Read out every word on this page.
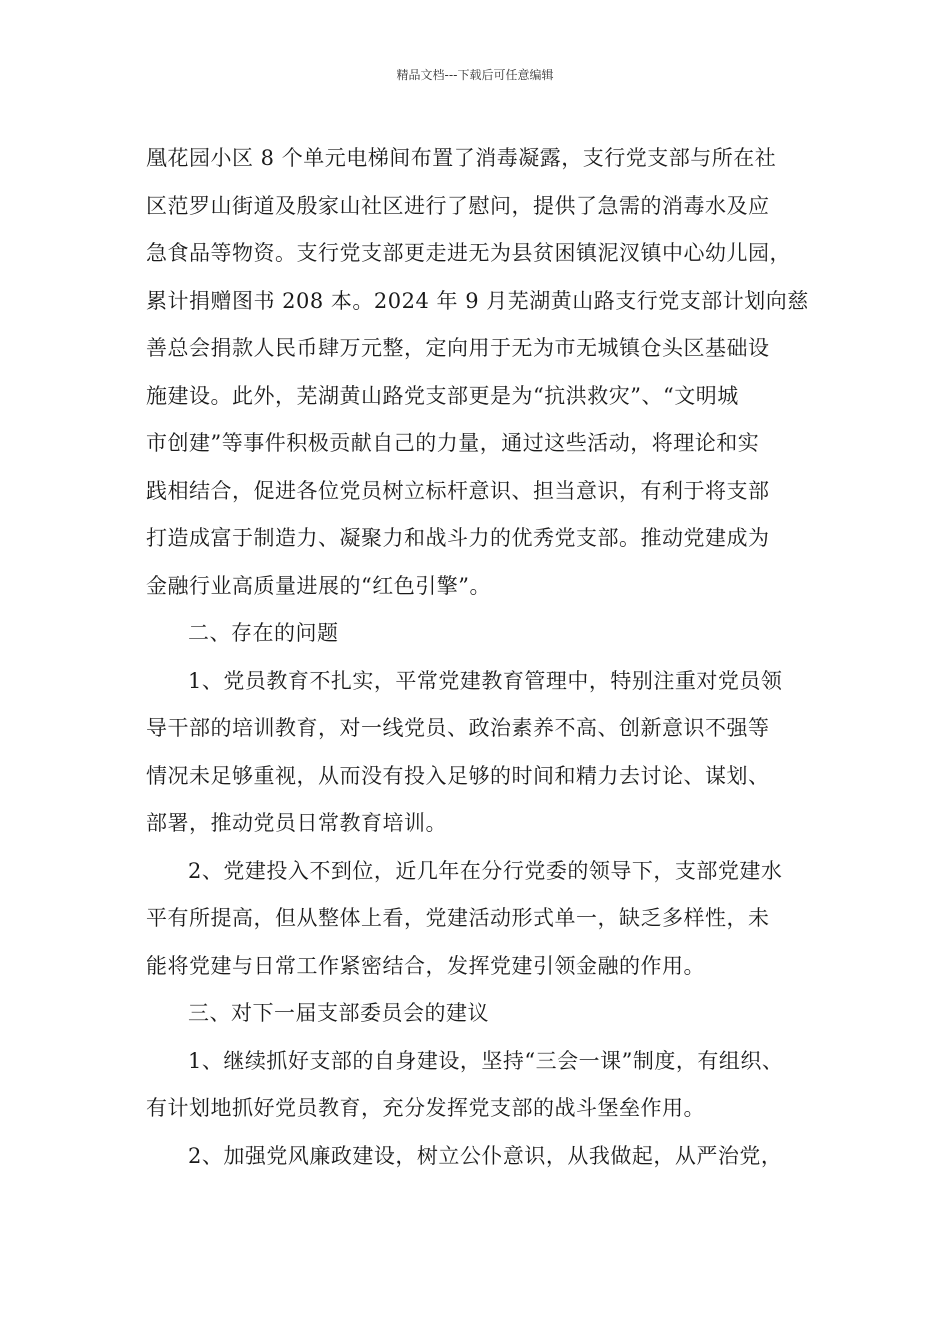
精品文档---下载后可任意编辑

凰花园小区 8 个单元电梯间布置了消毒凝露，支行党支部与所在社
区范罗山街道及殷家山社区进行了慰问，提供了急需的消毒水及应
急食品等物资。支行党支部更走进无为县贫困镇泥汊镇中心幼儿园，
累计捐赠图书 208 本。2024 年 9 月芜湖黄山路支行党支部计划向慈
善总会捐款人民币肆万元整，定向用于无为市无城镇仓头区基础设
施建设。此外，芜湖黄山路党支部更是为“抗洪救灾”、“文明城
市创建”等事件积极贡献自己的力量，通过这些活动，将理论和实
践相结合，促进各位党员树立标杆意识、担当意识，有利于将支部
打造成富于制造力、凝聚力和战斗力的优秀党支部。推动党建成为
金融行业高质量进展的“红色引擎”。

二、存在的问题

1、党员教育不扎实，平常党建教育管理中，特别注重对党员领
导干部的培训教育，对一线党员、政治素养不高、创新意识不强等
情况未足够重视，从而没有投入足够的时间和精力去讨论、谋划、
部署，推动党员日常教育培训。

2、党建投入不到位，近几年在分行党委的领导下，支部党建水
平有所提高，但从整体上看，党建活动形式单一，缺乏多样性，未
能将党建与日常工作紧密结合，发挥党建引领金融的作用。

三、对下一届支部委员会的建议

1、继续抓好支部的自身建设，坚持“三会一课”制度，有组织、
有计划地抓好党员教育，充分发挥党支部的战斗堡垒作用。

2、加强党风廉政建设，树立公仆意识，从我做起，从严治党，
